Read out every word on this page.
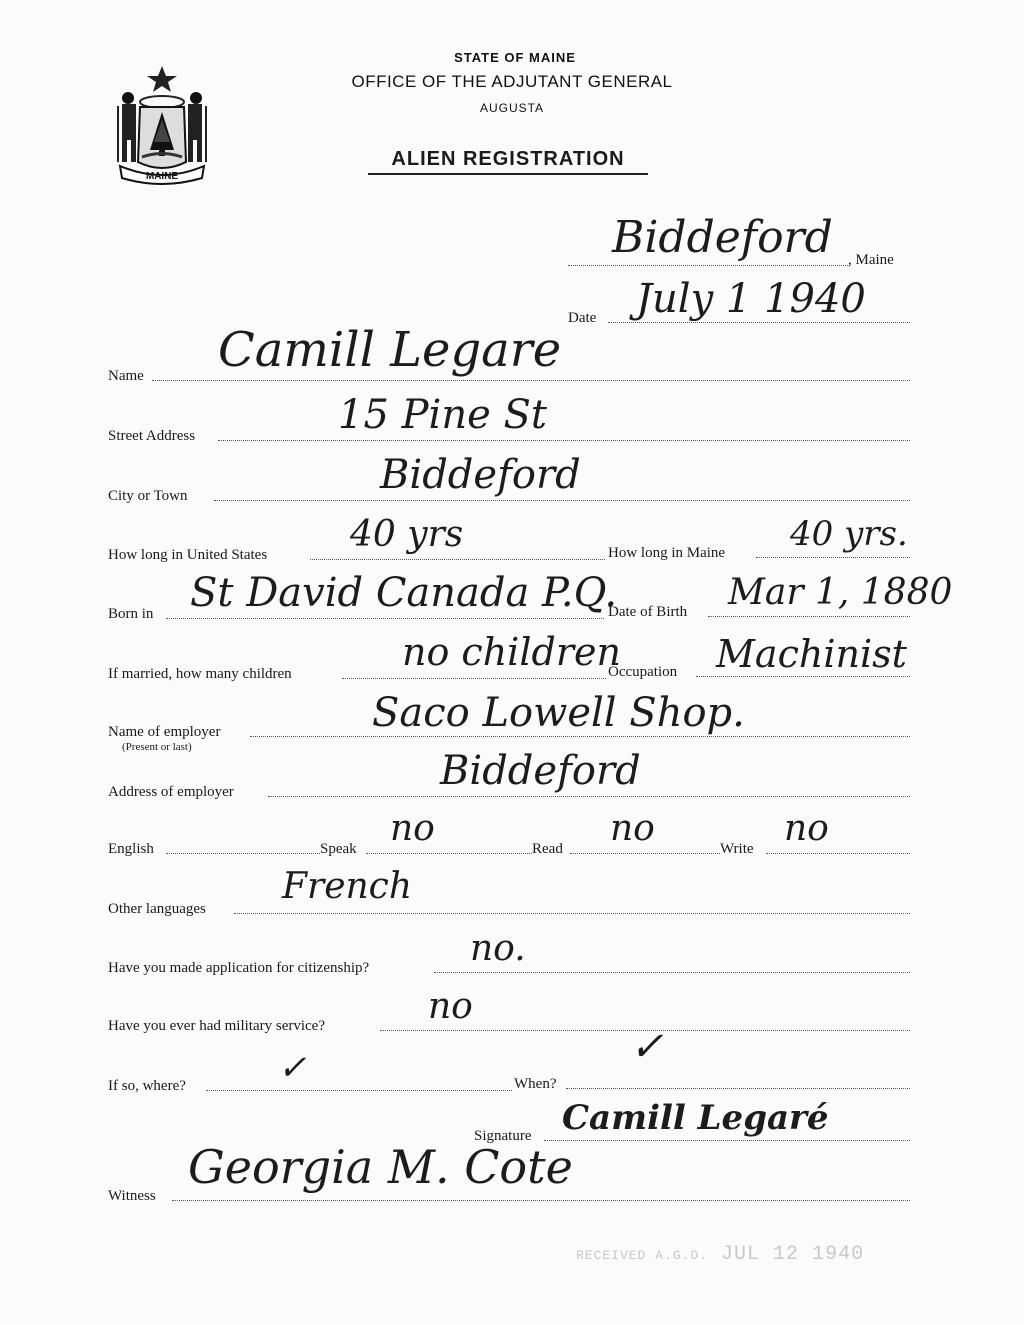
MAINE
STATE OF MAINE
OFFICE OF THE ADJUTANT GENERAL
AUGUSTA
ALIEN REGISTRATION
Biddeford , Maine
Date July 1 1940
Name Camill Legare
Street Address	15 Pine St
City or Town	Biddeford
How long in United States 40 yrs	How long in Maine 40 yrs.
Born in St David Canada P.Q.
Date of Birth Mar 1, 1880
If married, how many children	no children
Occupation Machinist
Name of employer
(Present or last)
Saco Lowell Shop.
Address of employer	Biddeford
English	Speak no	Read no	Write no
Other languages
French
Have you made application for citizenship?	no.
Have you ever had military service?	no
If so, where?	✓	When?
✓
Signature Camill Legaré
Witness
Georgia M. Cote
RECEIVED A.G.O. JUL 12 1940
